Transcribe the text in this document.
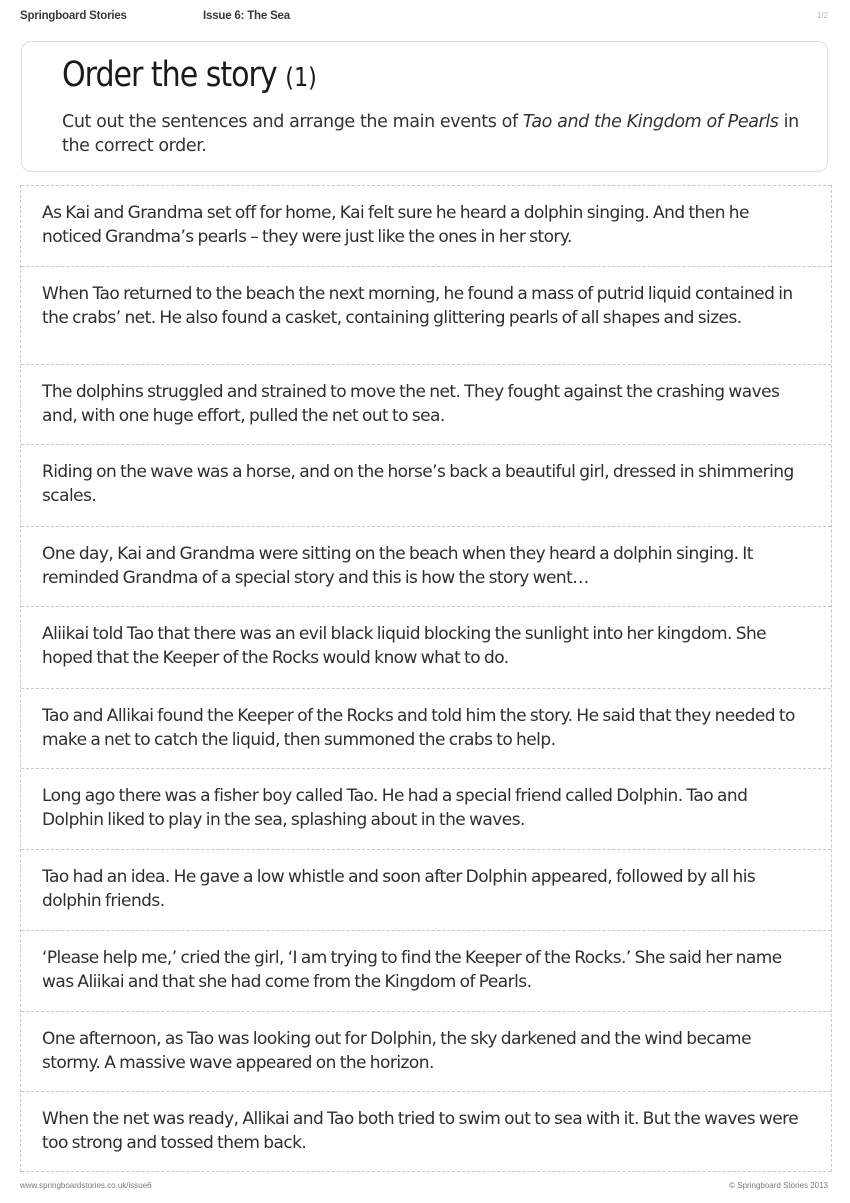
Springboard Stories	Issue 6: The Sea	1/2
Order the story (1)
Cut out the sentences and arrange the main events of Tao and the Kingdom of Pearls in the correct order.
As Kai and Grandma set off for home, Kai felt sure he heard a dolphin singing. And then he noticed Grandma’s pearls – they were just like the ones in her story.
When Tao returned to the beach the next morning, he found a mass of putrid liquid contained in the crabs’ net. He also found a casket, containing glittering pearls of all shapes and sizes.
The dolphins struggled and strained to move the net. They fought against the crashing waves and, with one huge effort, pulled the net out to sea.
Riding on the wave was a horse, and on the horse’s back a beautiful girl, dressed in shimmering scales.
One day, Kai and Grandma were sitting on the beach when they heard a dolphin singing. It reminded Grandma of a special story and this is how the story went…
Aliikai told Tao that there was an evil black liquid blocking the sunlight into her kingdom. She hoped that the Keeper of the Rocks would know what to do.
Tao and Allikai found the Keeper of the Rocks and told him the story. He said that they needed to make a net to catch the liquid, then summoned the crabs to help.
Long ago there was a fisher boy called Tao. He had a special friend called Dolphin. Tao and Dolphin liked to play in the sea, splashing about in the waves.
Tao had an idea. He gave a low whistle and soon after Dolphin appeared, followed by all his dolphin friends.
‘Please help me,’ cried the girl, ‘I am trying to find the Keeper of the Rocks.’ She said her name was Aliikai and that she had come from the Kingdom of Pearls.
One afternoon, as Tao was looking out for Dolphin, the sky darkened and the wind became stormy. A massive wave appeared on the horizon.
When the net was ready, Allikai and Tao both tried to swim out to sea with it. But the waves were too strong and tossed them back.
www.springboardstories.co.uk/issue6	© Springboard Stories 2013
